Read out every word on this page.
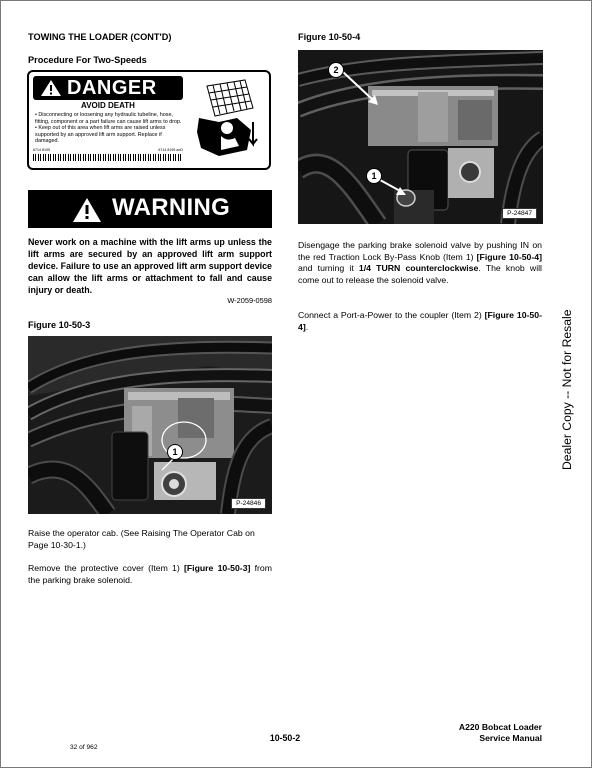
TOWING THE LOADER (CONT'D)
Procedure For Two-Speeds
DANGER
AVOID DEATH
• Disconnecting or loosening any hydraulic tubeline, hose, fitting, component or a part failure can cause lift arms to drop.
• Keep out of this area when lift arms are raised unless supported by an approved lift arm support. Replace if damaged.
6714 8195	6714 8195 aoD
WARNING
Never work on a machine with the lift arms up unless the lift arms are secured by an approved lift arm support device. Failure to use an approved lift arm support device can allow the lift arms or attachment to fall and cause injury or death.
W-2059-0598
Figure 10-50-3
1
P-24846
Raise the operator cab. (See Raising The Operator Cab on Page 10-30-1.)
Remove the protective cover (Item 1) [Figure 10-50-3] from the parking brake solenoid.
Figure 10-50-4
2
1
P-24847
Disengage the parking brake solenoid valve by pushing IN on the red Traction Lock By-Pass Knob (Item 1) [Figure 10-50-4] and turning it 1/4 TURN counterclockwise. The knob will come out to release the solenoid valve.
Connect a Port-a-Power to the coupler (Item 2) [Figure 10-50-4].	Dealer Copy -- Not for Resale
10-50-2
A220 Bobcat Loader
Service Manual
32 of 962
